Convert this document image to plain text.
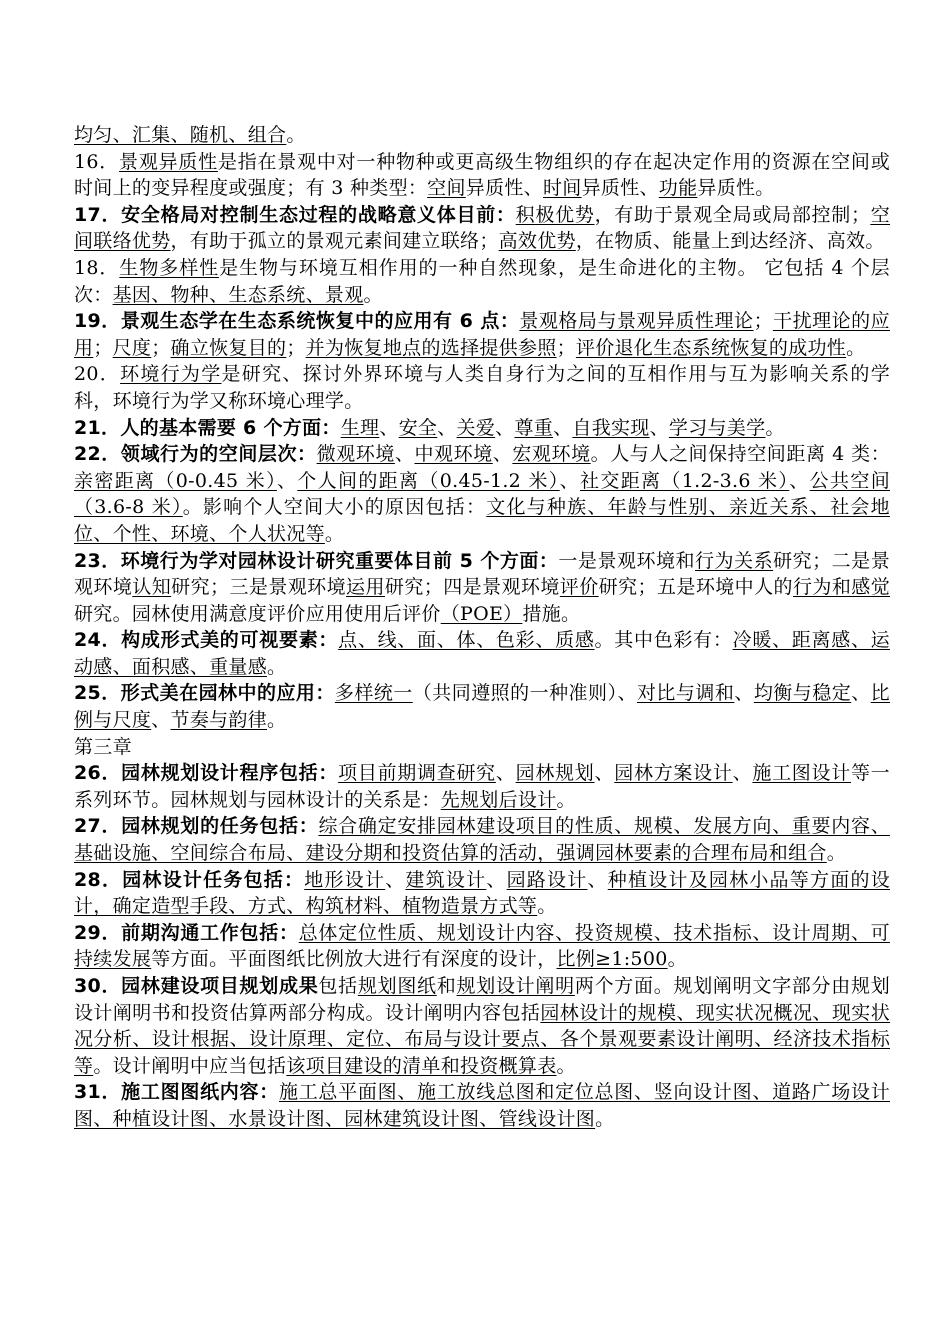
均匀、汇集、随机、组合。
16．景观异质性是指在景观中对一种物种或更高级生物组织的存在起决定作用的资源在空间或时间上的变异程度或强度；有 3 种类型：空间异质性、时间异质性、功能异质性。
17．安全格局对控制生态过程的战略意义体目前：积极优势，有助于景观全局或局部控制；空间联络优势，有助于孤立的景观元素间建立联络；高效优势，在物质、能量上到达经济、高效。
18．生物多样性是生物与环境互相作用的一种自然现象，是生命进化的主物。 它包括 4 个层次：基因、物种、生态系统、景观。
19．景观生态学在生态系统恢复中的应用有 6 点：景观格局与景观异质性理论；干扰理论的应用；尺度；确立恢复目的；并为恢复地点的选择提供参照；评价退化生态系统恢复的成功性。
20．环境行为学是研究、探讨外界环境与人类自身行为之间的互相作用与互为影响关系的学科，环境行为学又称环境心理学。
21．人的基本需要 6 个方面：生理、安全、关爱、尊重、自我实现、学习与美学。
22．领域行为的空间层次：微观环境、中观环境、宏观环境。人与人之间保持空间距离 4 类：亲密距离（0-0.45 米）、个人间的距离（0.45-1.2 米）、社交距离（1.2-3.6 米）、公共空间（3.6-8 米）。影响个人空间大小的原因包括：文化与种族、年龄与性别、亲近关系、社会地位、个性、环境、个人状况等。
23．环境行为学对园林设计研究重要体目前 5 个方面：一是景观环境和行为关系研究；二是景观环境认知研究；三是景观环境运用研究；四是景观环境评价研究；五是环境中人的行为和感觉研究。园林使用满意度评价应用使用后评价（POE）措施。
24．构成形式美的可视要素：点、线、面、体、色彩、质感。其中色彩有：冷暖、距离感、运动感、面积感、重量感。
25．形式美在园林中的应用：多样统一（共同遵照的一种准则）、对比与调和、均衡与稳定、比例与尺度、节奏与韵律。
第三章
26．园林规划设计程序包括：项目前期调查研究、园林规划、园林方案设计、施工图设计等一系列环节。园林规划与园林设计的关系是：先规划后设计。
27．园林规划的任务包括：综合确定安排园林建设项目的性质、规模、发展方向、重要内容、基础设施、空间综合布局、建设分期和投资估算的活动，强调园林要素的合理布局和组合。
28．园林设计任务包括：地形设计、建筑设计、园路设计、种植设计及园林小品等方面的设计，确定造型手段、方式、构筑材料、植物造景方式等。
29．前期沟通工作包括：总体定位性质、规划设计内容、投资规模、技术指标、设计周期、可持续发展等方面。平面图纸比例放大进行有深度的设计，比例≥1:500。
30．园林建设项目规划成果包括规划图纸和规划设计阐明两个方面。规划阐明文字部分由规划设计阐明书和投资估算两部分构成。设计阐明内容包括园林设计的规模、现实状况概况、现实状况分析、设计根据、设计原理、定位、布局与设计要点、各个景观要素设计阐明、经济技术指标等。设计阐明中应当包括该项目建设的清单和投资概算表。
31．施工图图纸内容：施工总平面图、施工放线总图和定位总图、竖向设计图、道路广场设计图、种植设计图、水景设计图、园林建筑设计图、管线设计图。
